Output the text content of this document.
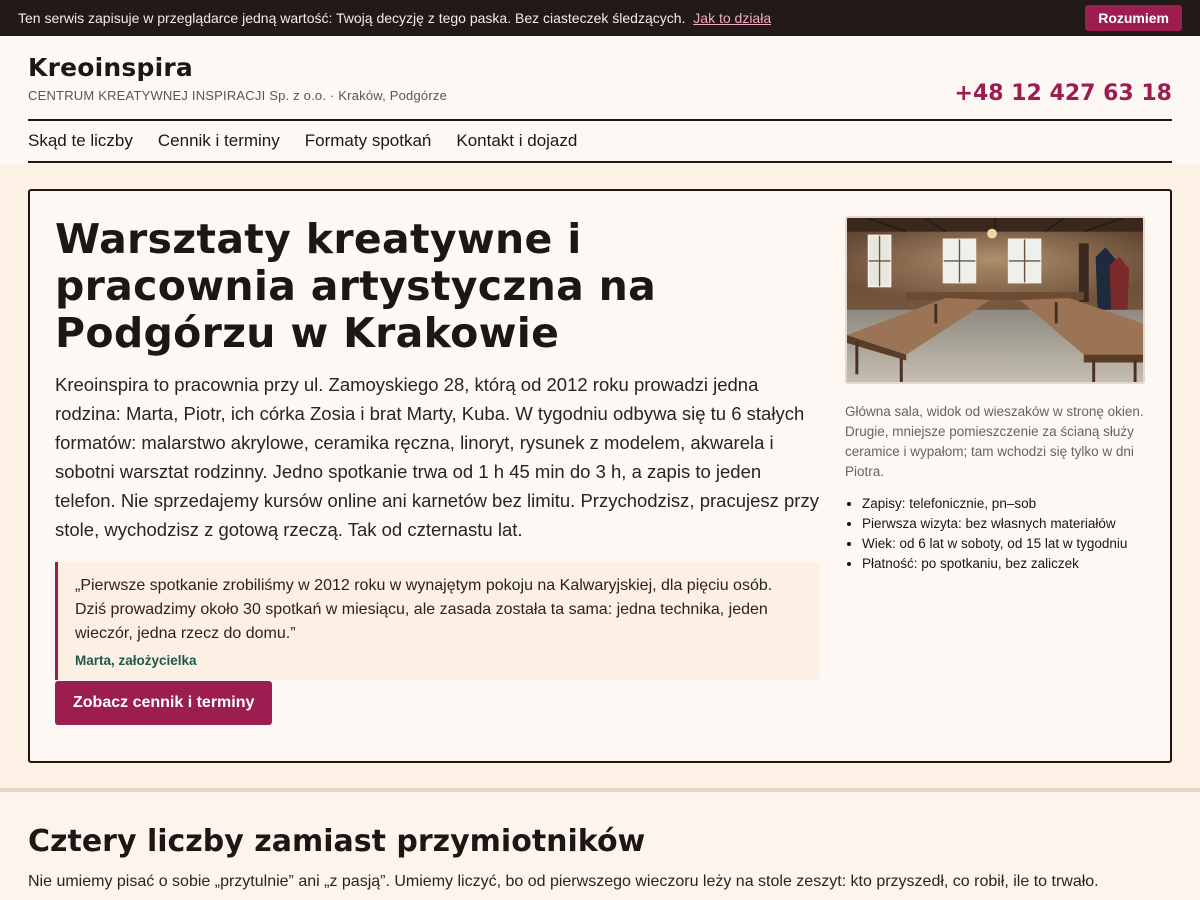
Ten serwis zapisuje w przeglądarce jedną wartość: Twoją decyzję z tego paska. Bez ciasteczek śledzących. Jak to działa	Rozumiem
Kreoinspira
CENTRUM KREATYWNEJ INSPIRACJI Sp. z o.o. · Kraków, Podgórze	+48 12 427 63 18
Skąd te liczby Cennik i terminy Formaty spotkań Kontakt i dojazd
Warsztaty kreatywne i pracownia artystyczna na Podgórzu w Krakowie

Kreoinspira to pracownia przy ul. Zamoyskiego 28, którą od 2012 roku prowadzi jedna rodzina: Marta, Piotr, ich córka Zosia i brat Marty, Kuba. W tygodniu odbywa się tu 6 stałych formatów: malarstwo akrylowe, ceramika ręczna, linoryt, rysunek z modelem, akwarela i sobotni warsztat rodzinny. Jedno spotkanie trwa od 1 h 45 min do 3 h, a zapis to jeden telefon. Nie sprzedajemy kursów online ani karnetów bez limitu. Przychodzisz, pracujesz przy stole, wychodzisz z gotową rzeczą. Tak od czternastu lat.

„Pierwsze spotkanie zrobiliśmy w 2012 roku w wynajętym pokoju na Kalwaryjskiej, dla pięciu osób. Dziś prowadzimy około 30 spotkań w miesiącu, ale zasada została ta sama: jedna technika, jeden wieczór, jedna rzecz do domu.”

Marta, założycielka
Zobacz cennik i terminy

Główna sala, widok od wieszaków w stronę okien. Drugie, mniejsze pomieszczenie za ścianą służy ceramice i wypałom; tam wchodzi się tylko w dni Piotra.

• Zapisy: telefonicznie, pn–sob
• Pierwsza wizyta: bez własnych materiałów
• Wiek: od 6 lat w soboty, od 15 lat w tygodniu
• Płatność: po spotkaniu, bez zaliczek
Cztery liczby zamiast przymiotników

Nie umiemy pisać o sobie „przytulnie” ani „z pasją”. Umiemy liczyć, bo od pierwszego wieczoru leży na stole zeszyt: kto przyszedł, co robił, ile to trwało.
